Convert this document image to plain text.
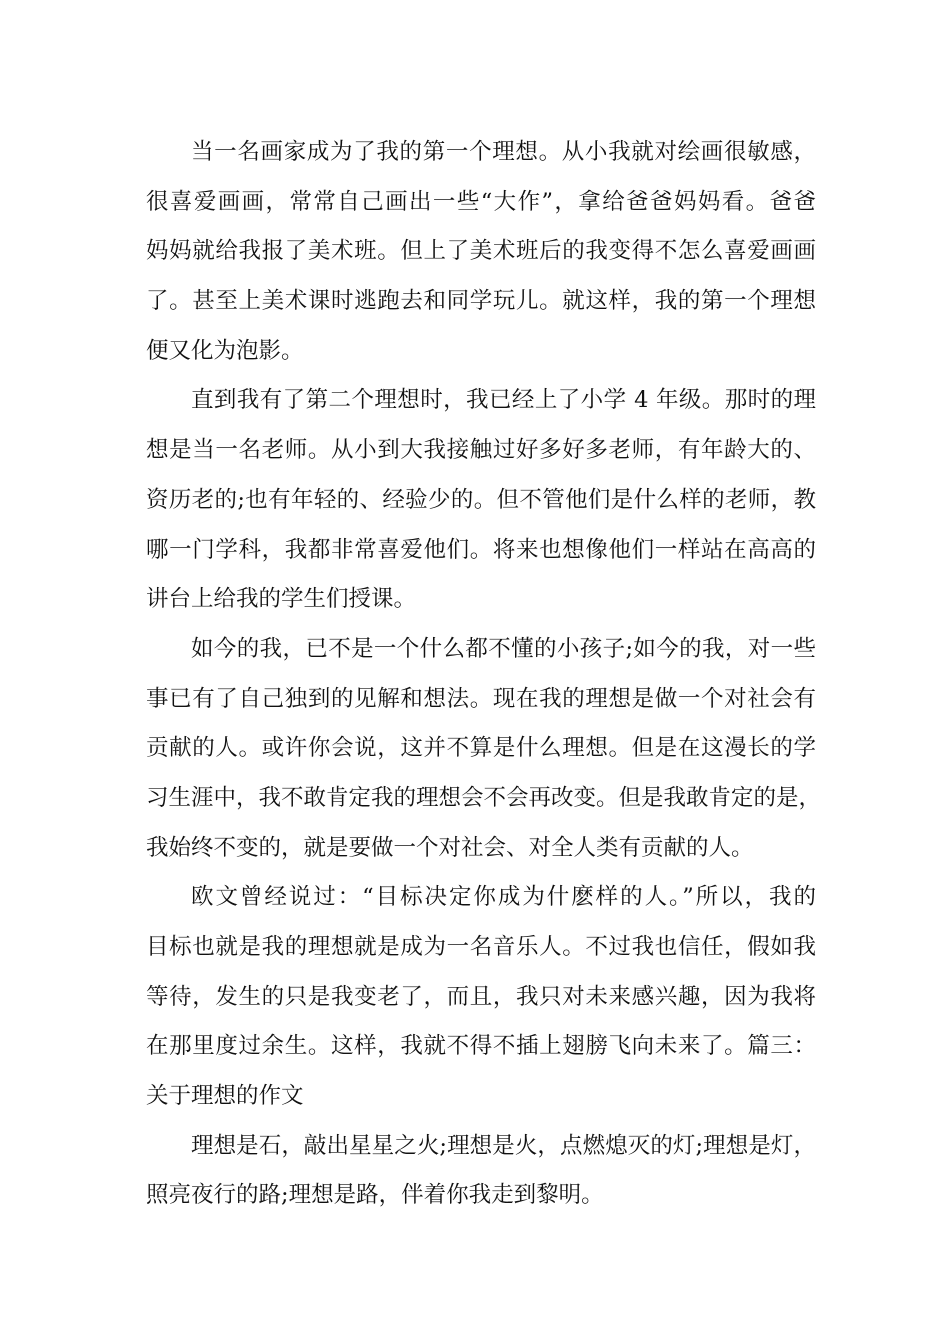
当一名画家成为了我的第一个理想。从小我就对绘画很敏感，
很喜爱画画，常常自己画出一些“大作”，拿给爸爸妈妈看。爸爸
妈妈就给我报了美术班。但上了美术班后的我变得不怎么喜爱画画
了。甚至上美术课时逃跑去和同学玩儿。就这样，我的第一个理想
便又化为泡影。
直到我有了第二个理想时，我已经上了小学 4 年级。那时的理
想是当一名老师。从小到大我接触过好多好多老师，有年龄大的、
资历老的;也有年轻的、经验少的。但不管他们是什么样的老师，教
哪一门学科，我都非常喜爱他们。将来也想像他们一样站在高高的
讲台上给我的学生们授课。
如今的我，已不是一个什么都不懂的小孩子;如今的我，对一些
事已有了自己独到的见解和想法。现在我的理想是做一个对社会有
贡献的人。或许你会说，这并不算是什么理想。但是在这漫长的学
习生涯中，我不敢肯定我的理想会不会再改变。但是我敢肯定的是，
我始终不变的，就是要做一个对社会、对全人类有贡献的人。
欧文曾经说过：“目标决定你成为什麽样的人。”所以，我的
目标也就是我的理想就是成为一名音乐人。不过我也信任，假如我
等待，发生的只是我变老了，而且，我只对未来感兴趣，因为我将
在那里度过余生。这样，我就不得不插上翅膀飞向未来了。篇三：
关于理想的作文
理想是石，敲出星星之火;理想是火，点燃熄灭的灯;理想是灯，
照亮夜行的路;理想是路，伴着你我走到黎明。
